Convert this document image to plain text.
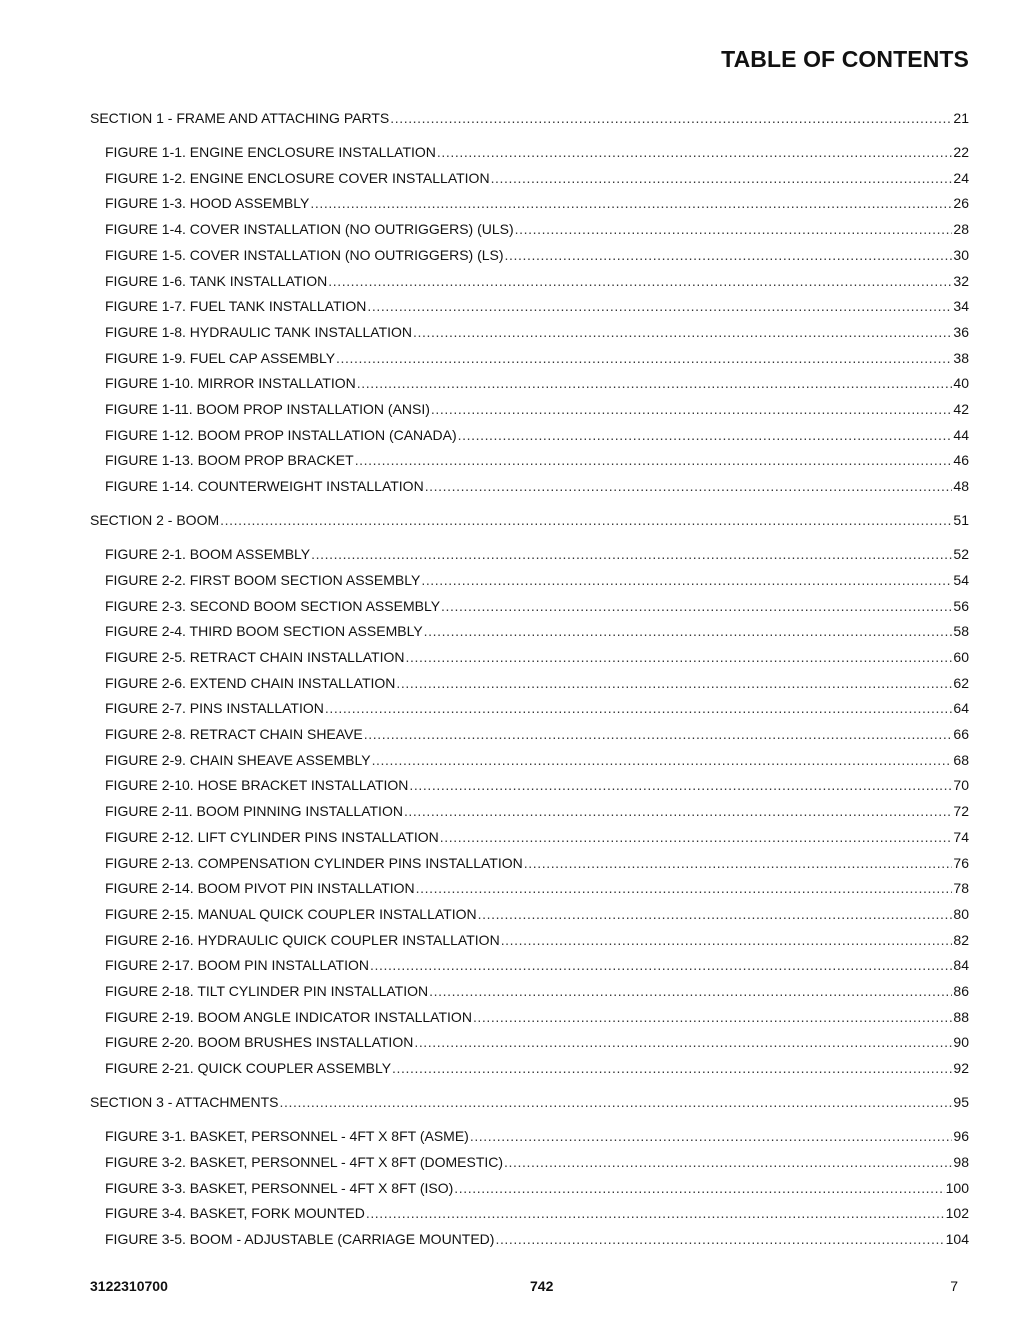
TABLE OF CONTENTS
SECTION 1 - FRAME AND ATTACHING PARTS .....	21
FIGURE 1-1. ENGINE ENCLOSURE INSTALLATION .....	22
FIGURE 1-2. ENGINE ENCLOSURE COVER INSTALLATION .....	24
FIGURE 1-3. HOOD ASSEMBLY .....	26
FIGURE 1-4. COVER INSTALLATION (NO OUTRIGGERS) (ULS) .....	28
FIGURE 1-5. COVER INSTALLATION (NO OUTRIGGERS) (LS) .....	30
FIGURE 1-6. TANK INSTALLATION .....	32
FIGURE 1-7. FUEL TANK INSTALLATION .....	34
FIGURE 1-8. HYDRAULIC TANK INSTALLATION .....	36
FIGURE 1-9. FUEL CAP ASSEMBLY .....	38
FIGURE 1-10. MIRROR INSTALLATION .....	40
FIGURE 1-11. BOOM PROP INSTALLATION (ANSI) .....	42
FIGURE 1-12. BOOM PROP INSTALLATION (CANADA) .....	44
FIGURE 1-13. BOOM PROP BRACKET .....	46
FIGURE 1-14. COUNTERWEIGHT INSTALLATION .....	48
SECTION 2 - BOOM .....	51
FIGURE 2-1. BOOM ASSEMBLY .....	52
FIGURE 2-2. FIRST BOOM SECTION ASSEMBLY .....	54
FIGURE 2-3. SECOND BOOM SECTION ASSEMBLY .....	56
FIGURE 2-4. THIRD BOOM SECTION ASSEMBLY .....	58
FIGURE 2-5. RETRACT CHAIN INSTALLATION .....	60
FIGURE 2-6. EXTEND CHAIN INSTALLATION .....	62
FIGURE 2-7. PINS INSTALLATION .....	64
FIGURE 2-8. RETRACT CHAIN SHEAVE .....	66
FIGURE 2-9. CHAIN SHEAVE ASSEMBLY .....	68
FIGURE 2-10. HOSE BRACKET INSTALLATION .....	70
FIGURE 2-11. BOOM PINNING INSTALLATION .....	72
FIGURE 2-12. LIFT CYLINDER PINS INSTALLATION .....	74
FIGURE 2-13. COMPENSATION CYLINDER PINS INSTALLATION .....	76
FIGURE 2-14. BOOM PIVOT PIN INSTALLATION .....	78
FIGURE 2-15. MANUAL QUICK COUPLER INSTALLATION .....	80
FIGURE 2-16. HYDRAULIC QUICK COUPLER INSTALLATION .....	82
FIGURE 2-17. BOOM PIN INSTALLATION .....	84
FIGURE 2-18. TILT CYLINDER PIN INSTALLATION .....	86
FIGURE 2-19. BOOM ANGLE INDICATOR INSTALLATION .....	88
FIGURE 2-20. BOOM BRUSHES INSTALLATION .....	90
FIGURE 2-21. QUICK COUPLER ASSEMBLY .....	92
SECTION 3 - ATTACHMENTS .....	95
FIGURE 3-1. BASKET, PERSONNEL - 4FT X 8FT (ASME) .....	96
FIGURE 3-2. BASKET, PERSONNEL - 4FT X 8FT (DOMESTIC) .....	98
FIGURE 3-3. BASKET, PERSONNEL - 4FT X 8FT (ISO) .....	100
FIGURE 3-4. BASKET, FORK MOUNTED .....	102
FIGURE 3-5. BOOM - ADJUSTABLE (CARRIAGE MOUNTED) .....	104
3122310700	742	7
